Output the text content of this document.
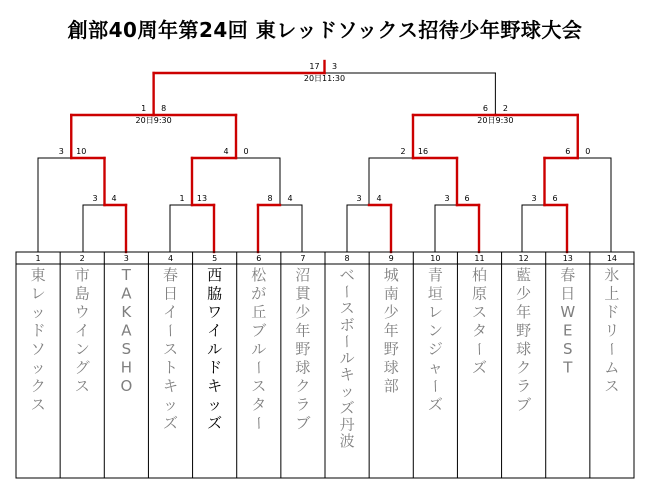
創部40周年第24回 東レッドソックス招待少年野球大会
3 4	1 13	8 4	3 4	3 6	3 6
3 10	4 0	2 16	6 0
1 8
20日9:30
6 2
20日9:30
17 3
20日11:30
1
東
レ
ッ
ド
ソ
ッ
ク
ス
2
市
島
ウ
イ
ン
グ
ス
3
T
A
K
A
S
H
O
4
春
日
イ
ー
ス
ト
キ
ッ
ズ
5
西
脇
ワ
イ
ル
ド
キ
ッ
ズ
6
松
が
丘
ブ
ル
ー
ス
タ
ー
7
沼
貫
少
年
野
球
ク
ラ
ブ
8
ベ
ー
ス
ボ
ー
ル
キ
ッ
ズ
丹
波
9
城
南
少
年
野
球
部
10
青
垣
レ
ン
ジ
ャ
ー
ズ
11
柏
原
ス
タ
ー
ズ
12
藍
少
年
野
球
ク
ラ
ブ
13
春
日
W
E
S
T
14
氷
上
ド
リ
ー
ム
ス
